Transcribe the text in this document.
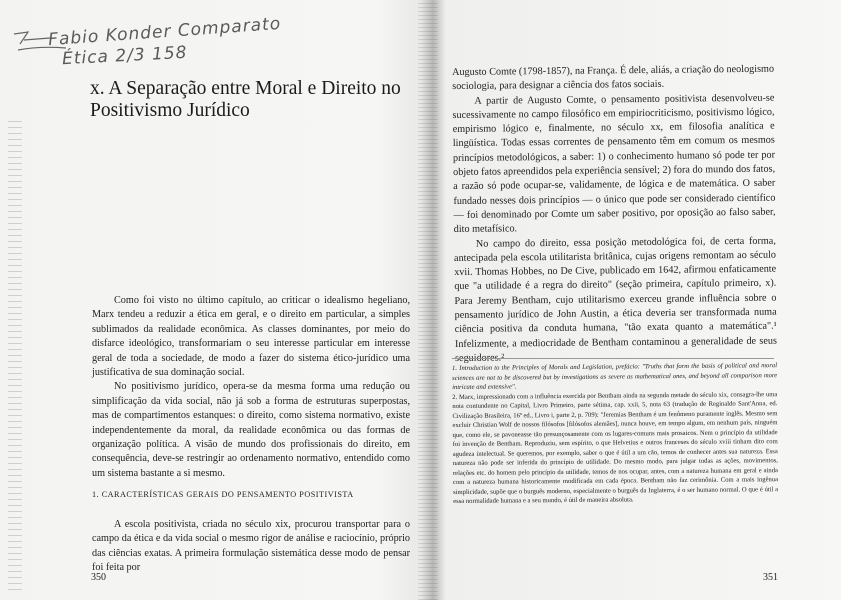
Fabio Konder Comparato
Ética 2/3 158
x. A Separação entre Moral e Direito no
Positivismo Jurídico

Como foi visto no último capítulo, ao criticar o idealismo hegeliano, Marx tendeu a reduzir a ética em geral, e o direito em particular, a simples sublimados da realidade econômica. As classes dominantes, por meio do disfarce ideológico, transformariam o seu interesse particular em interesse geral de toda a sociedade, de modo a fazer do sistema ético-jurídico uma justificativa de sua dominação social.

No positivismo jurídico, opera-se da mesma forma uma redução ou simplificação da vida social, não já sob a forma de estruturas superpostas, mas de compartimentos estanques: o direito, como sistema normativo, existe independentemente da moral, da realidade econômica ou das formas de organização política. A visão de mundo dos profissionais do direito, em consequência, deve-se restringir ao ordenamento normativo, entendido como um sistema bastante a si mesmo.

1. CARACTERÍSTICAS GERAIS DO PENSAMENTO POSITIVISTA

A escola positivista, criada no século xix, procurou transportar para o campo da ética e da vida social o mesmo rigor de análise e raciocínio, próprio das ciências exatas. A primeira formulação sistemática desse modo de pensar foi feita por

350

Augusto Comte (1798-1857), na França. É dele, aliás, a criação do neologismo sociologia, para designar a ciência dos fatos sociais.

A partir de Augusto Comte, o pensamento positivista desenvolveu-se sucessivamente no campo filosófico em empiriocriticismo, positivismo lógico, empirismo lógico e, finalmente, no século xx, em filosofia analítica e lingüística. Todas essas correntes de pensamento têm em comum os mesmos princípios metodológicos, a saber: 1) o conhecimento humano só pode ter por objeto fatos apreendidos pela experiência sensível; 2) fora do mundo dos fatos, a razão só pode ocupar-se, validamente, de lógica e de matemática. O saber fundado nesses dois princípios — o único que pode ser considerado científico — foi denominado por Comte um saber positivo, por oposição ao falso saber, dito metafísico.

No campo do direito, essa posição metodológica foi, de certa forma, antecipada pela escola utilitarista britânica, cujas origens remontam ao século xvii. Thomas Hobbes, no De Cive, publicado em 1642, afirmou enfaticamente que "a utilidade é a regra do direito" (seção primeira, capítulo primeiro, x). Para Jeremy Bentham, cujo utilitarismo exerceu grande influência sobre o pensamento jurídico de John Austin, a ética deveria ser transformada numa ciência positiva da conduta humana, "tão exata quanto a matemática".¹ Infelizmente, a mediocridade de Bentham contaminou a generalidade de seus seguidores.²

1. Introduction to the Principles of Morals and Legislation, prefácio: "Truths that form the basis of political and moral sciences are not to be discovered but by investigations as severe as mathematical ones, and beyond all comparison more intricate and extensive".

2. Marx, impressionado com a influência exercida por Bentham ainda na segunda metade do século xix, consagra-lhe uma nota contundente no Capital, Livro Primeiro, parte sétima, cap. xxii, 5, nota 63 (tradução de Reginaldo Sant'Anna, ed. Civilização Brasileira, 16ª ed., Livro i, parte 2, p. 709): "Jeremias Bentham é um fenômeno puramente inglês. Mesmo sem excluir Christian Wolf de nossos filósofos [filósofos alemães], nunca houve, em tempo algum, em nenhum país, ninguém que, como ele, se pavoneasse tão presunçosamente com os lugares-comuns mais prosaicos. Nem o princípio da utilidade foi invenção de Bentham. Reproduziu, sem espírito, o que Helvetius e outros franceses do século xviii tinham dito com agudeza intelectual. Se queremos, por exemplo, saber o que é útil a um cão, temos de conhecer antes sua natureza. Essa natureza não pode ser inferida do princípio de utilidade. Do mesmo modo, para julgar todas as ações, movimentos, relações etc. do homem pelo princípio da utilidade, temos de nos ocupar, antes, com a natureza humana em geral e ainda com a natureza humana historicamente modificada em cada época. Bentham não faz cerimônia. Com a mais ingênua simplicidade, supõe que o burguês moderno, especialmente o burguês da Inglaterra, é o ser humano normal. O que é útil a essa normalidade humana e a seu mundo, é útil de maneira absoluta.

351
